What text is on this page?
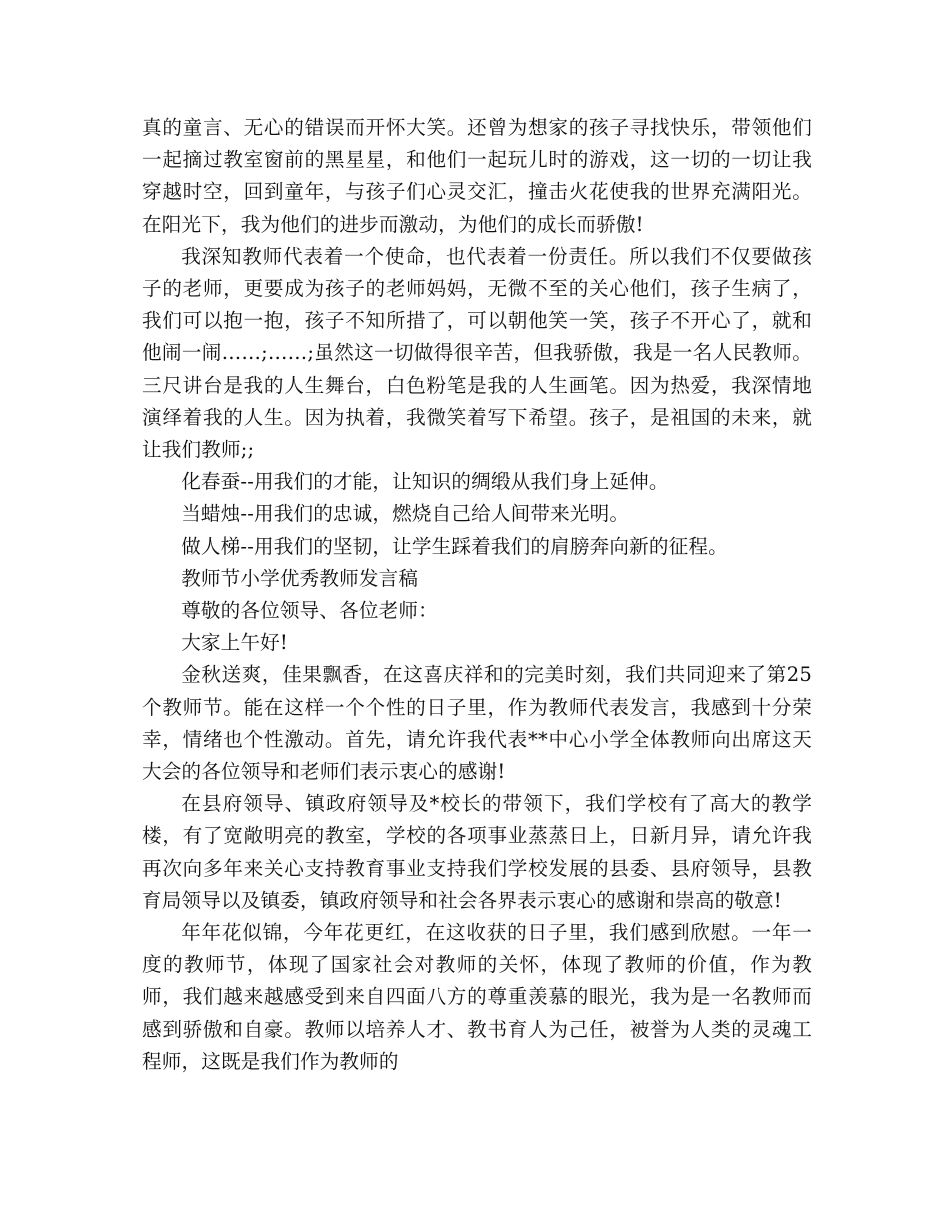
真的童言、无心的错误而开怀大笑。还曾为想家的孩子寻找快乐，带领他们一起摘过教室窗前的黑星星，和他们一起玩儿时的游戏，这一切的一切让我穿越时空，回到童年，与孩子们心灵交汇，撞击火花使我的世界充满阳光。在阳光下，我为他们的进步而激动，为他们的成长而骄傲!

我深知教师代表着一个使命，也代表着一份责任。所以我们不仅要做孩子的老师，更要成为孩子的老师妈妈，无微不至的关心他们，孩子生病了，我们可以抱一抱，孩子不知所措了，可以朝他笑一笑，孩子不开心了，就和他闹一闹……;……;虽然这一切做得很辛苦，但我骄傲，我是一名人民教师。三尺讲台是我的人生舞台，白色粉笔是我的人生画笔。因为热爱，我深情地演绎着我的人生。因为执着，我微笑着写下希望。孩子，是祖国的未来，就让我们教师;;

化春蚕--用我们的才能，让知识的绸缎从我们身上延伸。

当蜡烛--用我们的忠诚，燃烧自己给人间带来光明。

做人梯--用我们的坚韧，让学生踩着我们的肩膀奔向新的征程。

教师节小学优秀教师发言稿

尊敬的各位领导、各位老师：

大家上午好!

金秋送爽，佳果飘香，在这喜庆祥和的完美时刻，我们共同迎来了第25个教师节。能在这样一个个性的日子里，作为教师代表发言，我感到十分荣幸，情绪也个性激动。首先，请允许我代表**中心小学全体教师向出席这天大会的各位领导和老师们表示衷心的感谢!

在县府领导、镇政府领导及*校长的带领下，我们学校有了高大的教学楼，有了宽敞明亮的教室，学校的各项事业蒸蒸日上，日新月异，请允许我再次向多年来关心支持教育事业支持我们学校发展的县委、县府领导，县教育局领导以及镇委，镇政府领导和社会各界表示衷心的感谢和崇高的敬意!

年年花似锦，今年花更红，在这收获的日子里，我们感到欣慰。一年一度的教师节，体现了国家社会对教师的关怀，体现了教师的价值，作为教师，我们越来越感受到来自四面八方的尊重羡慕的眼光，我为是一名教师而感到骄傲和自豪。教师以培养人才、教书育人为己任，被誉为人类的灵魂工程师，这既是我们作为教师的
